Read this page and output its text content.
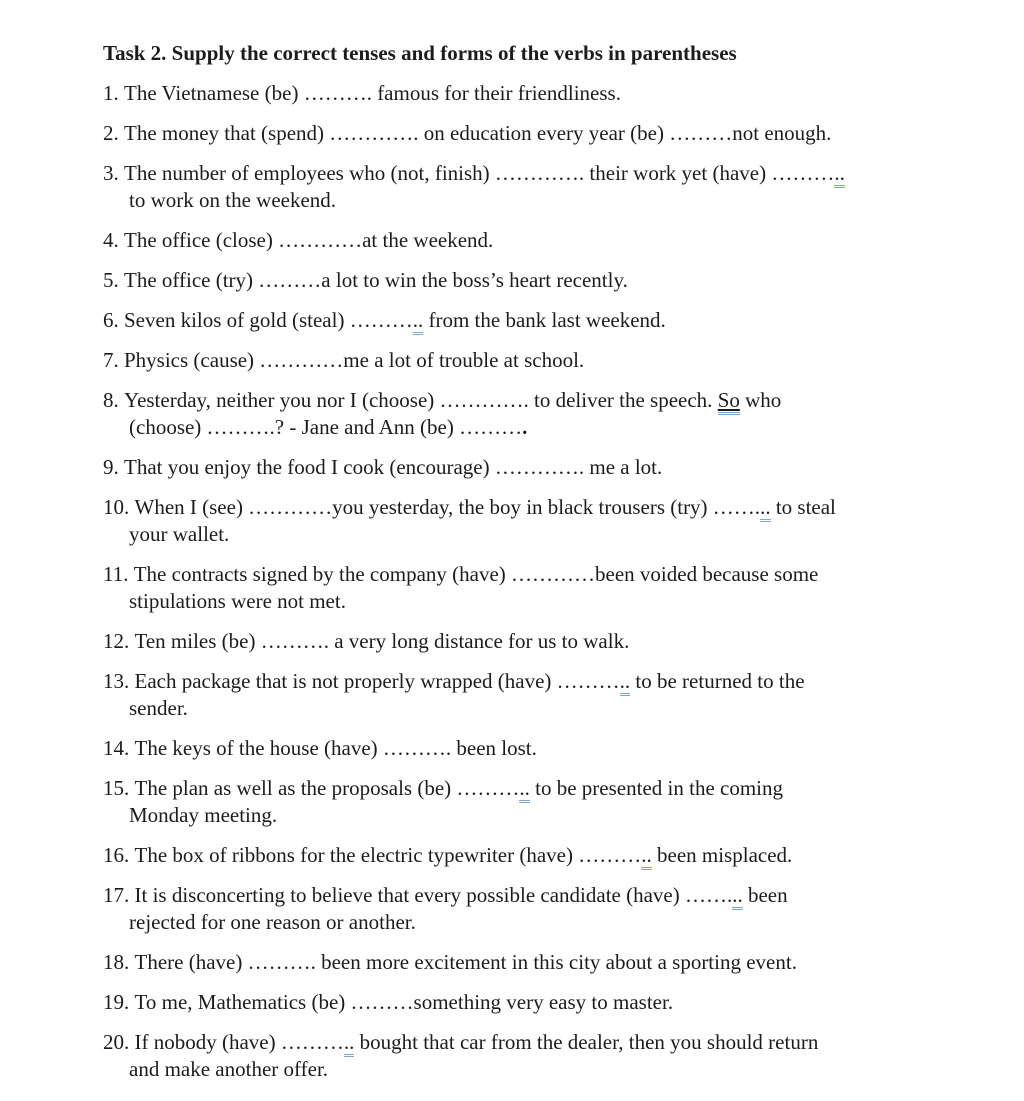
Task 2. Supply the correct tenses and forms of the verbs in parentheses
1. The Vietnamese (be) ………. famous for their friendliness.
2. The money that (spend) …………. on education every year (be) ………not enough.
3. The number of employees who (not, finish) …………. their work yet (have) ………..
to work on the weekend.
4. The office (close) …………at the weekend.
5. The office (try) ………a lot to win the boss’s heart recently.
6. Seven kilos of gold (steal) ……….. from the bank last weekend.
7. Physics (cause) …………me a lot of trouble at school.
8. Yesterday, neither you nor I (choose) …………. to deliver the speech. So who
(choose) ……….? - Jane and Ann (be) ……….
9. That you enjoy the food I cook (encourage) …………. me a lot.
10. When I (see) …………you yesterday, the boy in black trousers (try) ……... to steal
your wallet.
11. The contracts signed by the company (have) …………been voided because some
stipulations were not met.
12. Ten miles (be) ………. a very long distance for us to walk.
13. Each package that is not properly wrapped (have) ……….. to be returned to the
sender.
14. The keys of the house (have) ………. been lost.
15. The plan as well as the proposals (be) ……….. to be presented in the coming
Monday meeting.
16. The box of ribbons for the electric typewriter (have) ……….. been misplaced.
17. It is disconcerting to believe that every possible candidate (have) ……... been
rejected for one reason or another.
18. There (have) ………. been more excitement in this city about a sporting event.
19. To me, Mathematics (be) ………something very easy to master.
20. If nobody (have) ……….. bought that car from the dealer, then you should return
and make another offer.
